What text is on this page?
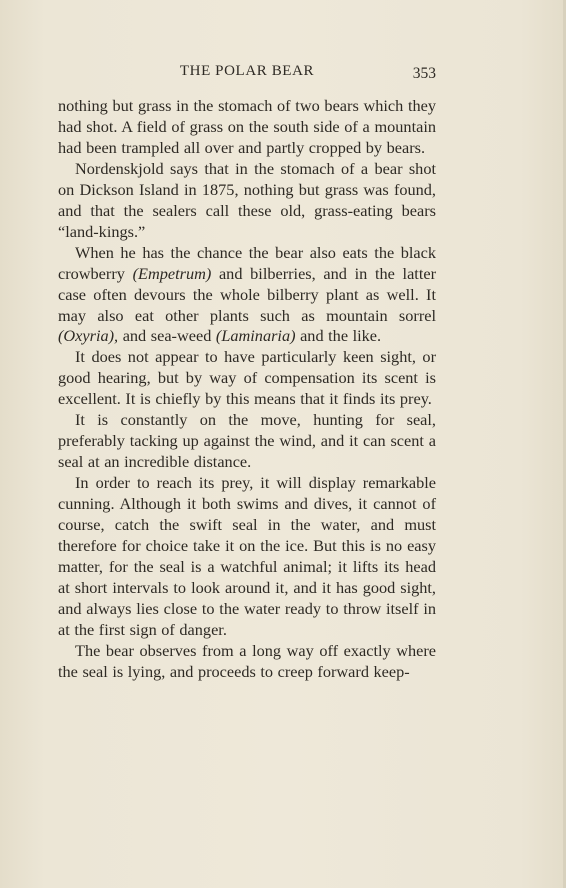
THE POLAR BEAR	353

nothing but grass in the stomach of two bears which they had shot. A field of grass on the south side of a mountain had been trampled all over and partly cropped by bears.

Nordenskjold says that in the stomach of a bear shot on Dickson Island in 1875, nothing but grass was found, and that the sealers call these old, grass-eating bears “land-kings.”

When he has the chance the bear also eats the black crowberry (Empetrum) and bilberries, and in the latter case often devours the whole bilberry plant as well. It may also eat other plants such as mountain sorrel (Oxyria), and sea-weed (Laminaria) and the like.

It does not appear to have particularly keen sight, or good hearing, but by way of compensation its scent is excellent. It is chiefly by this means that it finds its prey.

It is constantly on the move, hunting for seal, preferably tacking up against the wind, and it can scent a seal at an incredible distance.

In order to reach its prey, it will display remarkable cunning. Although it both swims and dives, it cannot of course, catch the swift seal in the water, and must therefore for choice take it on the ice. But this is no easy matter, for the seal is a watchful animal; it lifts its head at short intervals to look around it, and it has good sight, and always lies close to the water ready to throw itself in at the first sign of danger.

The bear observes from a long way off exactly where the seal is lying, and proceeds to creep forward keep-
